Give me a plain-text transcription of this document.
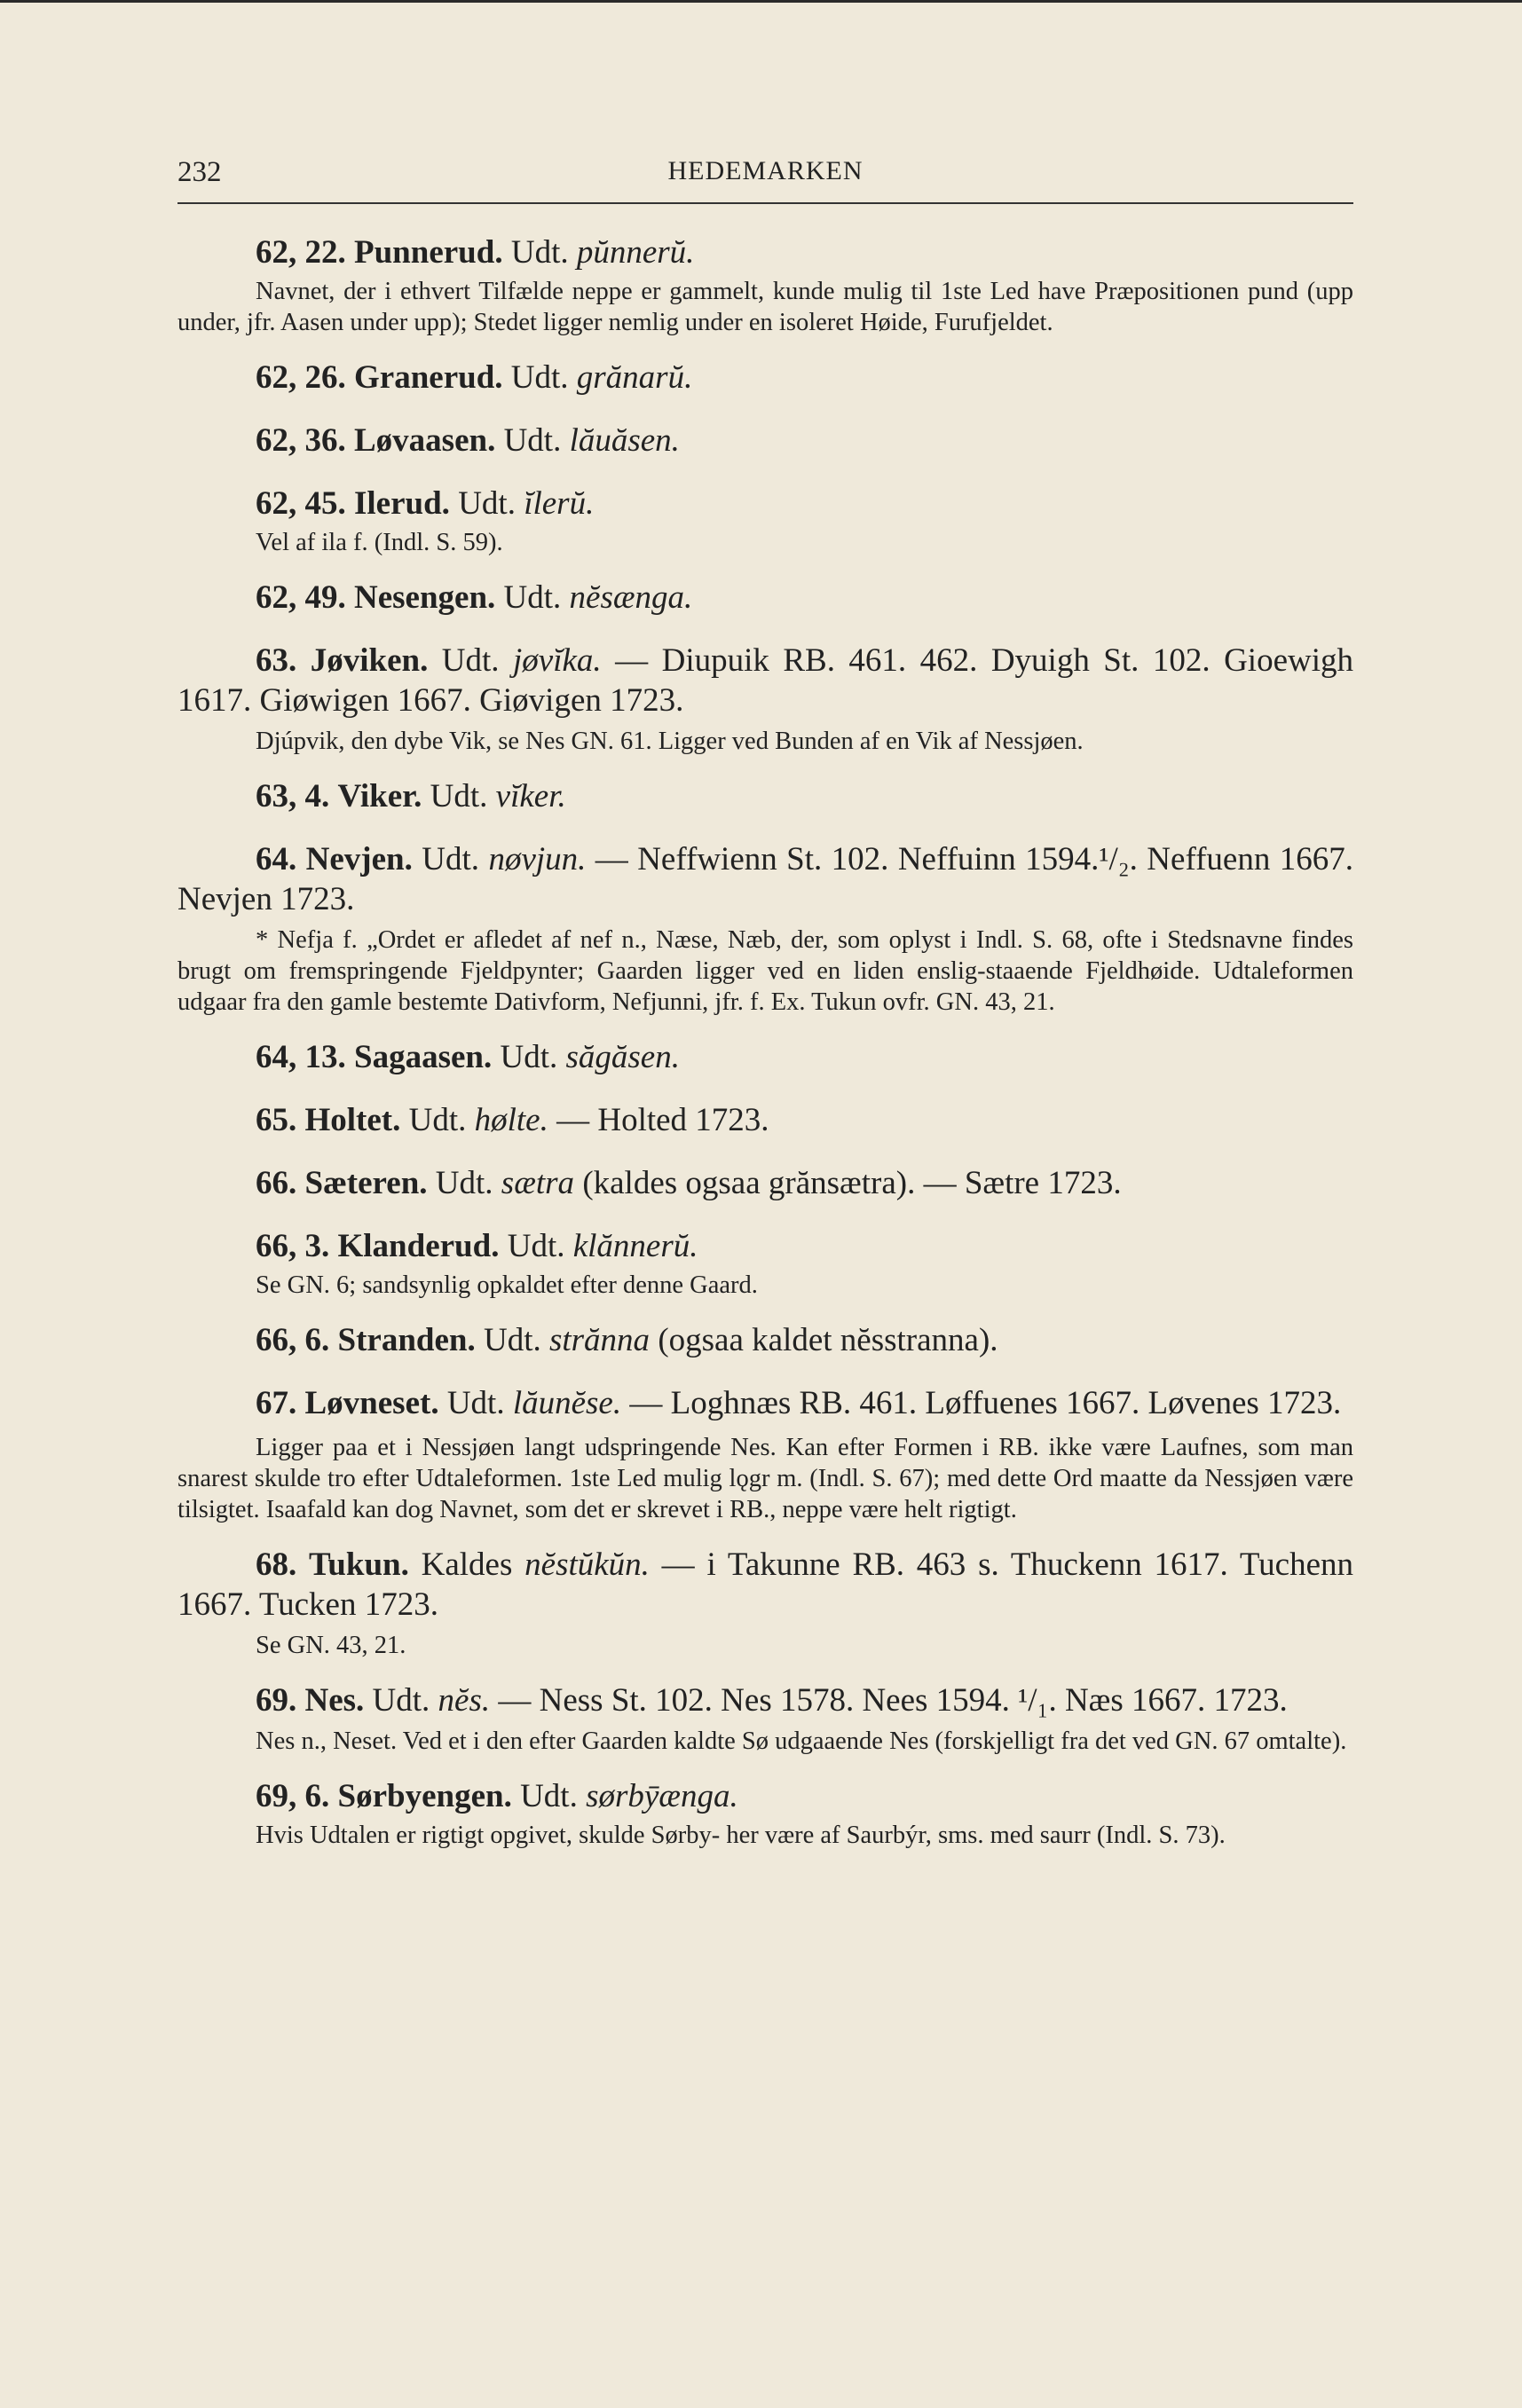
232	HEDEMARKEN

62, 22. Punnerud. Udt. pŭnnerŭ.

Navnet, der i ethvert Tilfælde neppe er gammelt, kunde mulig til 1ste Led have Præpositionen pund (upp under, jfr. Aasen under upp); Stedet ligger nemlig under en isoleret Høide, Furufjeldet.

62, 26. Granerud. Udt. grănarŭ.

62, 36. Løvaasen. Udt. lăuăsen.

62, 45. Ilerud. Udt. ĭlerŭ.

Vel af ila f. (Indl. S. 59).

62, 49. Nesengen. Udt. nĕsænga.

63. Jøviken. Udt. jøvĭka. — Diupuik RB. 461. 462. Dyuigh St. 102. Gioewigh 1617. Giøwigen 1667. Giøvigen 1723.

Djúpvik, den dybe Vik, se Nes GN. 61. Ligger ved Bunden af en Vik af Nessjøen.

63, 4. Viker. Udt. vĭker.

64. Nevjen. Udt. nøvjun. — Neffwienn St. 102. Neffuinn 1594.¹/₂. Neffuenn 1667. Nevjen 1723.

* Nefja f. „Ordet er afledet af nef n., Næse, Næb, der, som oplyst i Indl. S. 68, ofte i Stedsnavne findes brugt om fremspringende Fjeldpynter; Gaarden ligger ved en liden enslig-staaende Fjeldhøide. Udtaleformen udgaar fra den gamle bestemte Dativform, Nefjunni, jfr. f. Ex. Tukun ovfr. GN. 43, 21.

64, 13. Sagaasen. Udt. săgăsen.

65. Holtet. Udt. hølte. — Holted 1723.

66. Sæteren. Udt. sætra (kaldes ogsaa grănsætra). — Sætre 1723.

66, 3. Klanderud. Udt. klănnerŭ.

Se GN. 6; sandsynlig opkaldet efter denne Gaard.

66, 6. Stranden. Udt. strănna (ogsaa kaldet nĕsstranna).

67. Løvneset. Udt. lăunĕse. — Loghnæs RB. 461. Løffuenes 1667. Løvenes 1723.

Ligger paa et i Nessjøen langt udspringende Nes. Kan efter Formen i RB. ikke være Laufnes, som man snarest skulde tro efter Udtaleformen. 1ste Led mulig lǫgr m. (Indl. S. 67); med dette Ord maatte da Nessjøen være tilsigtet. Isaafald kan dog Navnet, som det er skrevet i RB., neppe være helt rigtigt.

68. Tukun. Kaldes nĕstŭkŭn. — i Takunne RB. 463 s. Thuckenn 1617. Tuchenn 1667. Tucken 1723.

Se GN. 43, 21.

69. Nes. Udt. nĕs. — Ness St. 102. Nes 1578. Nees 1594. ¹/₁. Næs 1667. 1723.

Nes n., Neset. Ved et i den efter Gaarden kaldte Sø udgaaende Nes (forskjelligt fra det ved GN. 67 omtalte).

69, 6. Sørbyengen. Udt. sørbȳænga.

Hvis Udtalen er rigtigt opgivet, skulde Sørby- her være af Saurbýr, sms. med saurr (Indl. S. 73).
